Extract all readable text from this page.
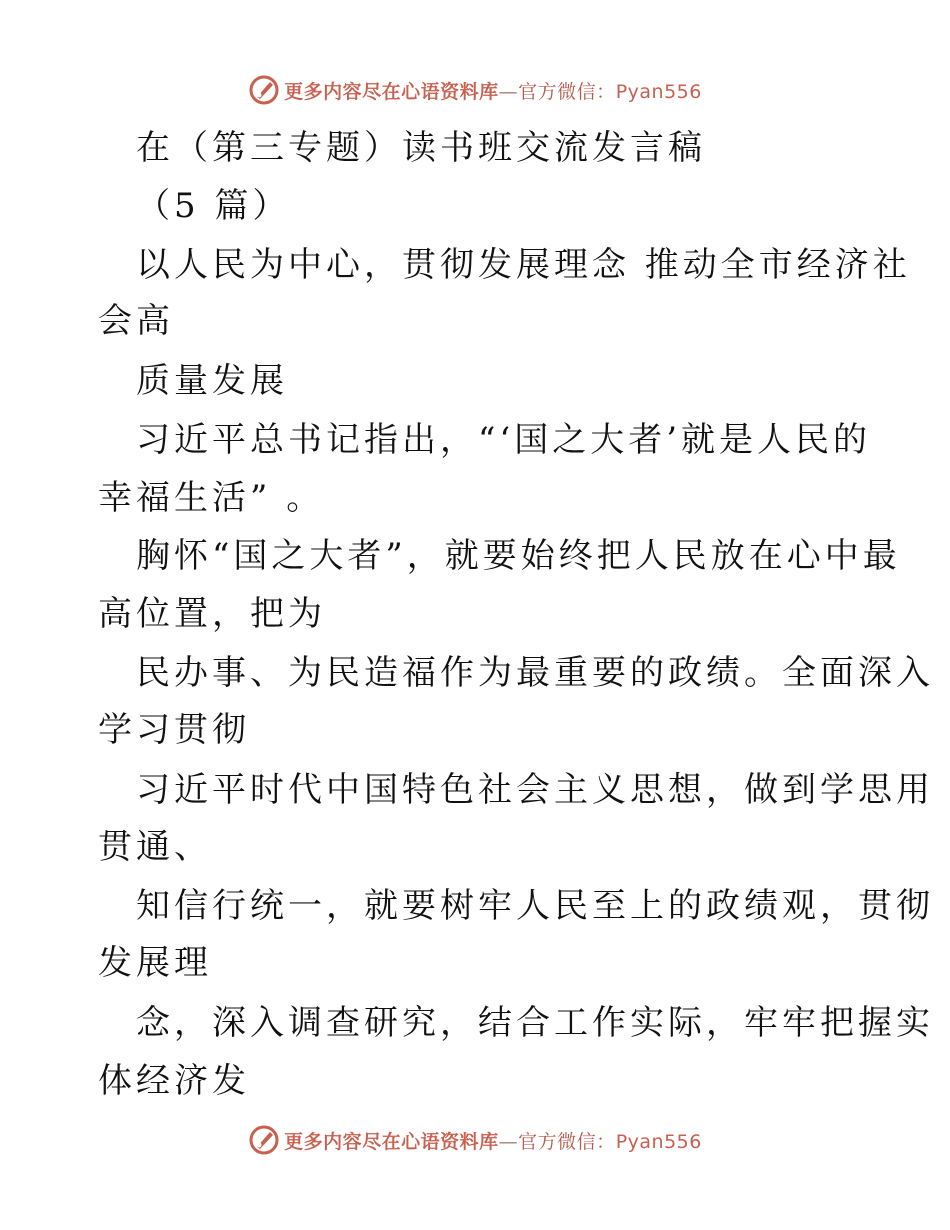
更多内容尽在心语资料库—官方微信：Pyan556
在（第三专题）读书班交流发言稿
（5 篇）
以人民为中心，贯彻发展理念 推动全市经济社
会高
质量发展
习近平总书记指出，“‘国之大者’就是人民的
幸福生活” 。
胸怀“国之大者”，就要始终把人民放在心中最
高位置，把为
民办事、为民造福作为最重要的政绩。全面深入
学习贯彻
习近平时代中国特色社会主义思想，做到学思用
贯通、
知信行统一，就要树牢人民至上的政绩观，贯彻
发展理
念，深入调查研究，结合工作实际，牢牢把握实
体经济发
更多内容尽在心语资料库—官方微信：Pyan556
